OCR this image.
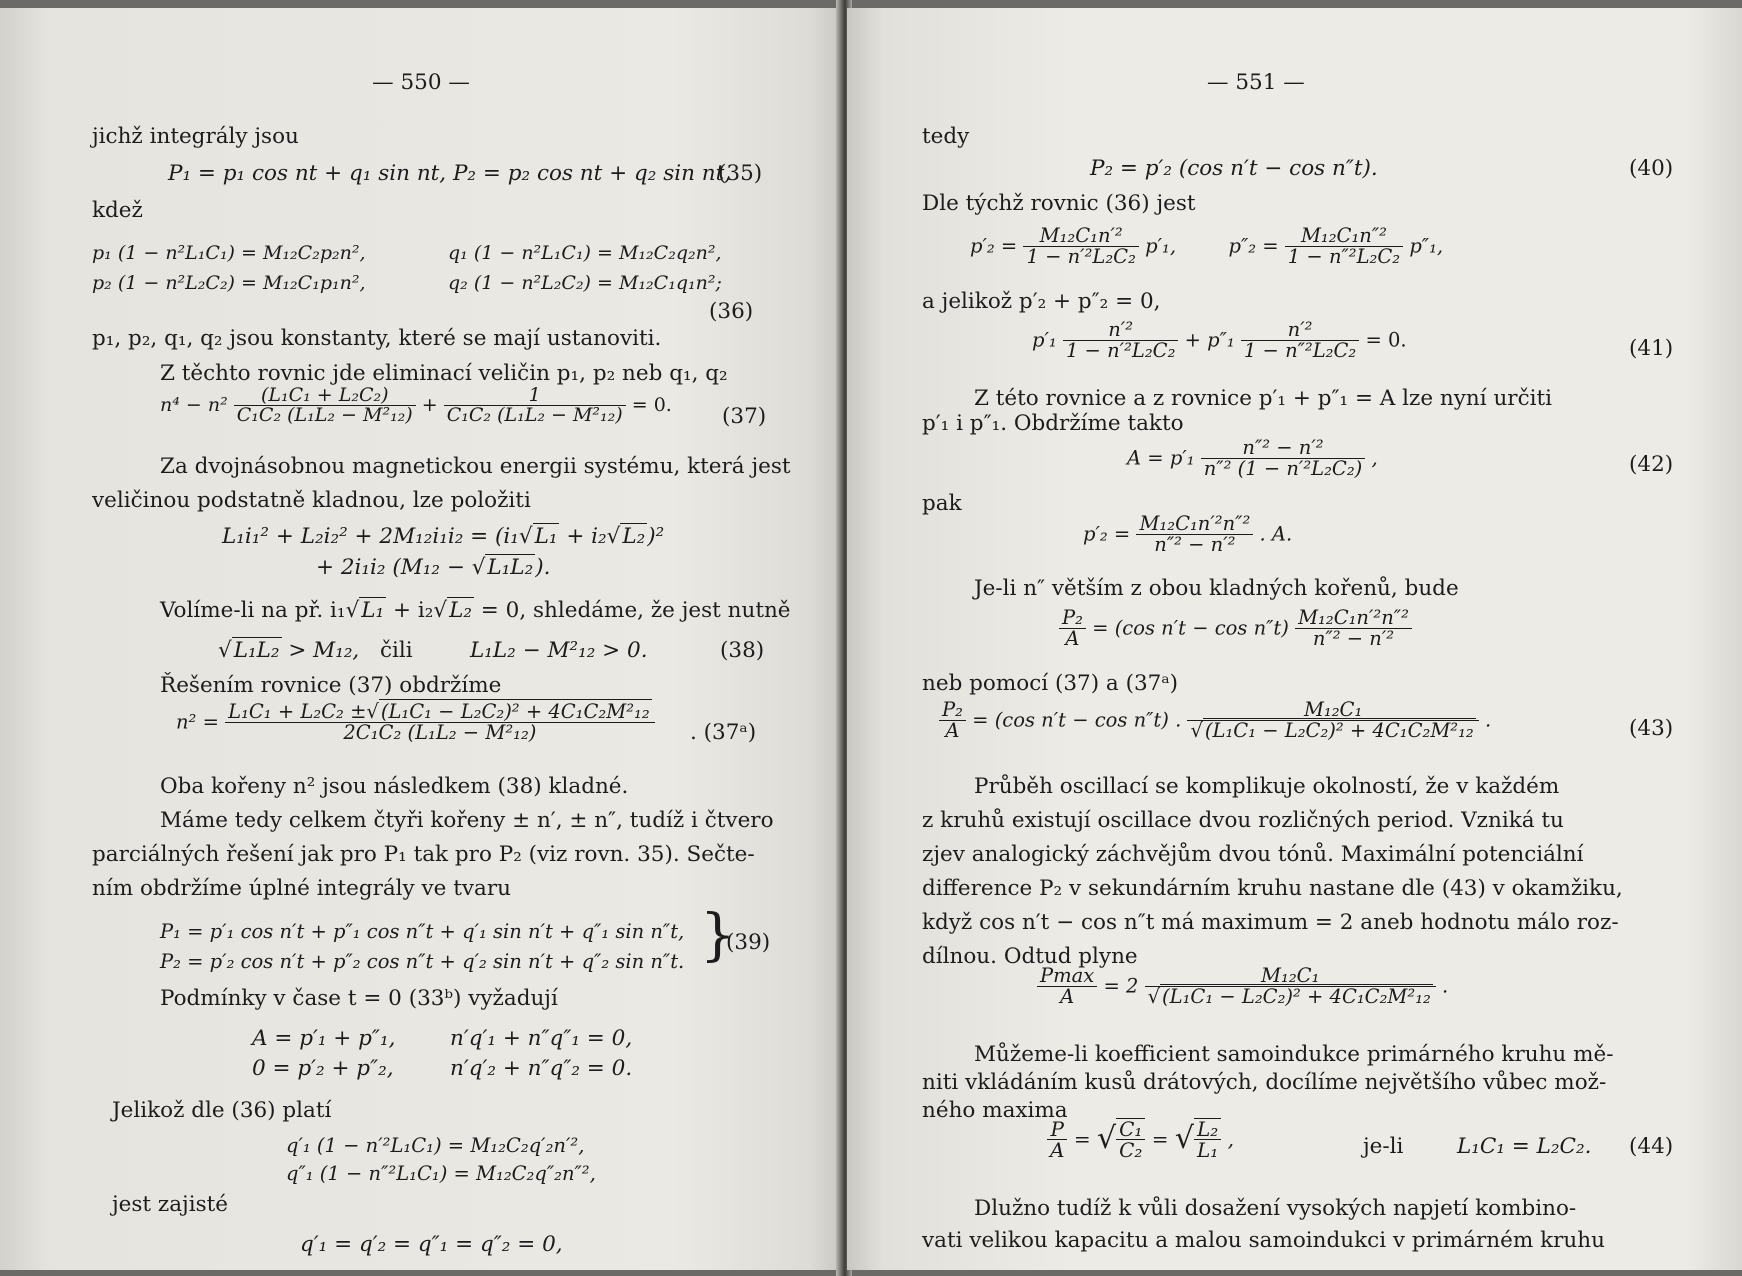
— 550 —
jichž integrály jsou
P₁ = p₁ cos nt + q₁ sin nt, P₂ = p₂ cos nt + q₂ sin nt,
(35)
kdež
p₁ (1 − n²L₁C₁) = M₁₂C₂p₂n²,	q₁ (1 − n²L₁C₁) = M₁₂C₂q₂n²,
p₂ (1 − n²L₂C₂) = M₁₂C₁p₁n²,	q₂ (1 − n²L₂C₂) = M₁₂C₁q₁n²;
(36)
p₁, p₂, q₁, q₂ jsou konstanty, které se mají ustanoviti.
Z těchto rovnic jde eliminací veličin p₁, p₂ neb q₁, q₂
$n^4 - n^2 \frac{\text{(L₁C₁ + L₂C₂)}}{\text{C₁C₂ (L₁L₂ − M²₁₂)}} + \frac{1}{\text{C₁C₂ (L₁L₂ − M²₁₂)}} = 0$. (37)
Za dvojnásobnou magnetickou energii systému, která jest
veličinou podstatně kladnou, lze položiti
L₁i₁² + L₂i₂² + 2M₁₂i₁i₂ = (i₁√L₁ + i₂√L₂)²
+ 2i₁i₂ (M₁₂ − √L₁L₂).
Volíme-li na př. i₁√L₁ + i₂√L₂ = 0, shledáme, že jest nutně
√L₁L₂ > M₁₂, čili	L₁L₂ − M²₁₂ > 0.	(38)
Řešením rovnice (37) obdržíme
$n^2 = \frac{\text{L₁C₁ + L₂C₂ ±√ (L₁C₁ − L₂C₂)² + 4C₁C₂M²₁₂}}{\text{2C₁C₂ (L₁L₂ − M²₁₂)}}$ . (37ᵃ)
Oba kořeny n² jsou následkem (38) kladné.
Máme tedy celkem čtyři kořeny ± n′, ± n″, tudíž i čtvero
parciálných řešení jak pro P₁ tak pro P₂ (viz rovn. 35). Sečte-
ním obdržíme úplné integrály ve tvaru
P₁ = p′₁ cos n′t + p″₁ cos n″t + q′₁ sin n′t + q″₁ sin n″t,
P₂ = p′₂ cos n′t + p″₂ cos n″t + q′₂ sin n′t + q″₂ sin n″t. }
(39)
Podmínky v čase t = 0 (33ᵇ) vyžadují
A = p′₁ + p″₁,	n′q′₁ + n″q″₁ = 0,
0 = p′₂ + p″₂,	n′q′₂ + n″q″₂ = 0.
Jelikož dle (36) platí
q′₁ (1 − n′²L₁C₁) = M₁₂C₂q′₂n′²,
q″₁ (1 − n″²L₁C₁) = M₁₂C₂q″₂n″²,
jest zajisté
q′₁ = q′₂ = q″₁ = q″₂ = 0,
— 551 —
tedy
P₂ = p′₂ (cos n′t − cos n″t).	(40)
Dle týchž rovnic (36) jest
$p'_2 = \frac{\text{M₁₂C₁n′²}}{\text{1 − n′²L₂C₂}} p'_1$,	$p''_2 = \frac{\text{M₁₂C₁n″²}}{\text{1 − n″²L₂C₂}} p''_1$,
a jelikož p′₂ + p″₂ = 0,
$p'_1 \frac{\text{n′²}}{\text{1 − n′²L₂C₂}} + p''_1 \frac{\text{n′²}}{\text{1 − n″²L₂C₂}} = 0$.	(41)
Z této rovnice a z rovnice p′₁ + p″₁ = A lze nyní určiti
p′₁ i p″₁. Obdržíme takto
$A = p'_1 \frac{\text{n″² − n′²}}{\text{n″² (1 − n′²L₂C₂)}}$ ,	(42)
pak
$p'_2 = \frac{\text{M₁₂C₁n′²n″²}}{\text{n″² − n′²}}$ . A.
Je-li n″ větším z obou kladných kořenů, bude
$\frac{\text{P₂}}{A} = (\cos$ $n't - \cos n''t) \frac{\text{M₁₂C₁n′²n″²}}{\text{n″² − n′²}}$
neb pomocí (37) a (37ᵃ)
$\frac{\text{P₂}}{A} = (\cos$ n′t − cos n″t) . $\frac{\text{M₁₂C₁}}{\text{√ (L₁C₁ − L₂C₂)² + 4C₁C₂M²₁₂}}$ .	(43)
Průběh oscillací se komplikuje okolností, že v každém
z kruhů existují oscillace dvou rozličných period. Vzniká tu
zjev analogický záchvějům dvou tónů. Maximální potenciální
difference P₂ v sekundárním kruhu nastane dle (43) v okamžiku,
když cos n′t − cos n″t má maximum = 2 aneb hodnotu málo roz-
dílnou. Odtud plyne
Pmax
A	= $2 \frac{\text{M₁₂C₁}}{\text{√ (L₁C₁ − L₂C₂)² + 4C₁C₂M²₁₂}}$ .
Můžeme-li koefficient samoindukce primárného kruhu mě-
niti vkládáním kusů drátových, docílíme největšího vůbec mož-
ného maxima
$\frac{P}{A}$ = √ $\frac{\text{C₁}}{\text{C₂}}$ = √ $\frac{\text{L₂}}{\text{L₁}}$ ,	je-li L₁C₁ = L₂C₂. (44)
Dlužno tudíž k vůli dosažení vysokých napjetí kombino-
vati velikou kapacitu a malou samoindukci v primárném kruhu
